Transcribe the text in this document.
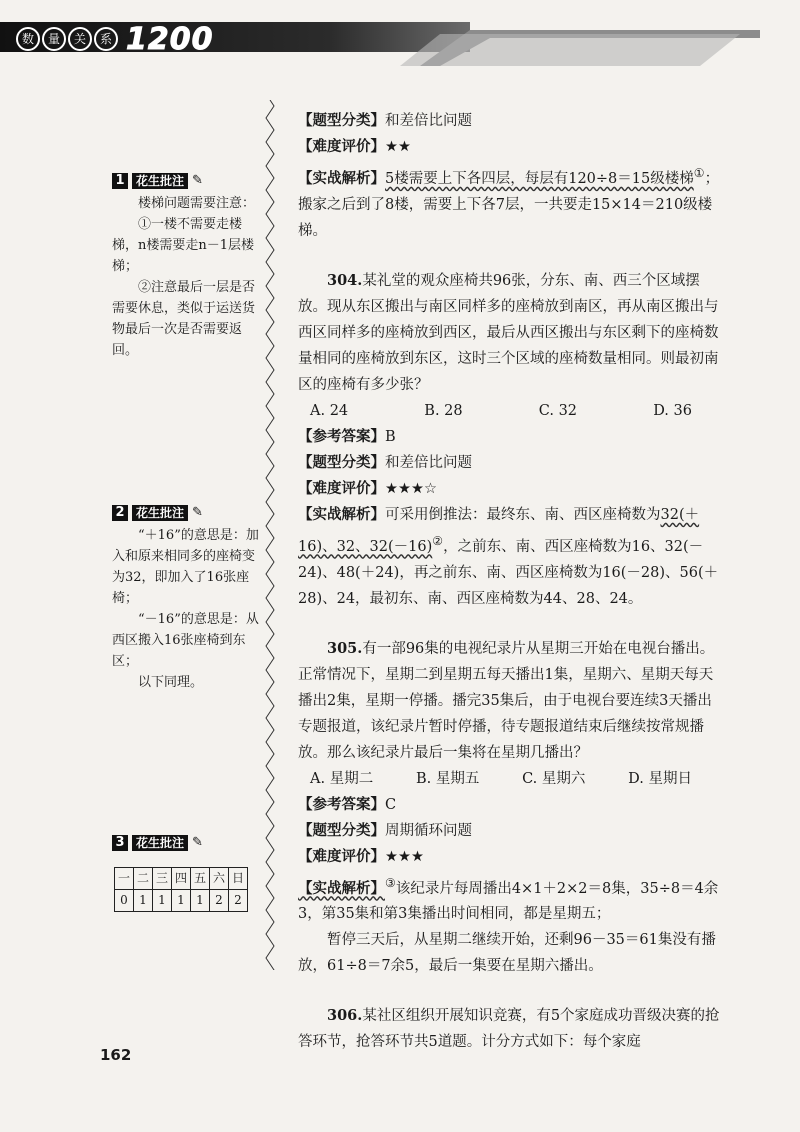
数	量	关	系 1200
1 花生批注 ✎

楼梯问题需要注意：

①一楼不需要走楼梯，n楼需要走n－1层楼梯；

②注意最后一层是否需要休息，类似于运送货物最后一次是否需要返回。

2 花生批注 ✎

“＋16”的意思是：加入和原来相同多的座椅变为32，即加入了16张座椅；

“－16”的意思是：从西区搬入16张座椅到东区；

以下同理。

3 花生批注 ✎
一	二	三	四	五	六	日
0	1	1	1	1	2	2

【题型分类】和差倍比问题

【难度评价】★★

【实战解析】5楼需要上下各四层，每层有120÷8＝15级楼梯①；搬家之后到了8楼，需要上下各7层，一共要走15×14＝210级楼梯。

304.某礼堂的观众座椅共96张，分东、南、西三个区域摆放。现从东区搬出与南区同样多的座椅放到南区，再从南区搬出与西区同样多的座椅放到西区，最后从西区搬出与东区剩下的座椅数量相同的座椅放到东区，这时三个区域的座椅数量相同。则最初南区的座椅有多少张？

A. 24	B. 28	C. 32	D. 36

【参考答案】B

【题型分类】和差倍比问题

【难度评价】★★★☆

【实战解析】可采用倒推法：最终东、南、西区座椅数为32(＋16)、32、32(－16)②，之前东、南、西区座椅数为16、32(－24)、48(＋24)，再之前东、南、西区座椅数为16(－28)、56(＋28)、24，最初东、南、西区座椅数为44、28、24。

305.有一部96集的电视纪录片从星期三开始在电视台播出。正常情况下，星期二到星期五每天播出1集，星期六、星期天每天播出2集，星期一停播。播完35集后，由于电视台要连续3天播出专题报道，该纪录片暂时停播，待专题报道结束后继续按常规播放。那么该纪录片最后一集将在星期几播出？

A. 星期二	B. 星期五	C. 星期六	D. 星期日

【参考答案】C

【题型分类】周期循环问题

【难度评价】★★★

【实战解析】③该纪录片每周播出4×1＋2×2＝8集，35÷8＝4余3，第35集和第3集播出时间相同，都是星期五；

暂停三天后，从星期二继续开始，还剩96－35＝61集没有播放，61÷8＝7余5，最后一集要在星期六播出。

306.某社区组织开展知识竞赛，有5个家庭成功晋级决赛的抢答环节，抢答环节共5道题。计分方式如下：每个家庭

162
